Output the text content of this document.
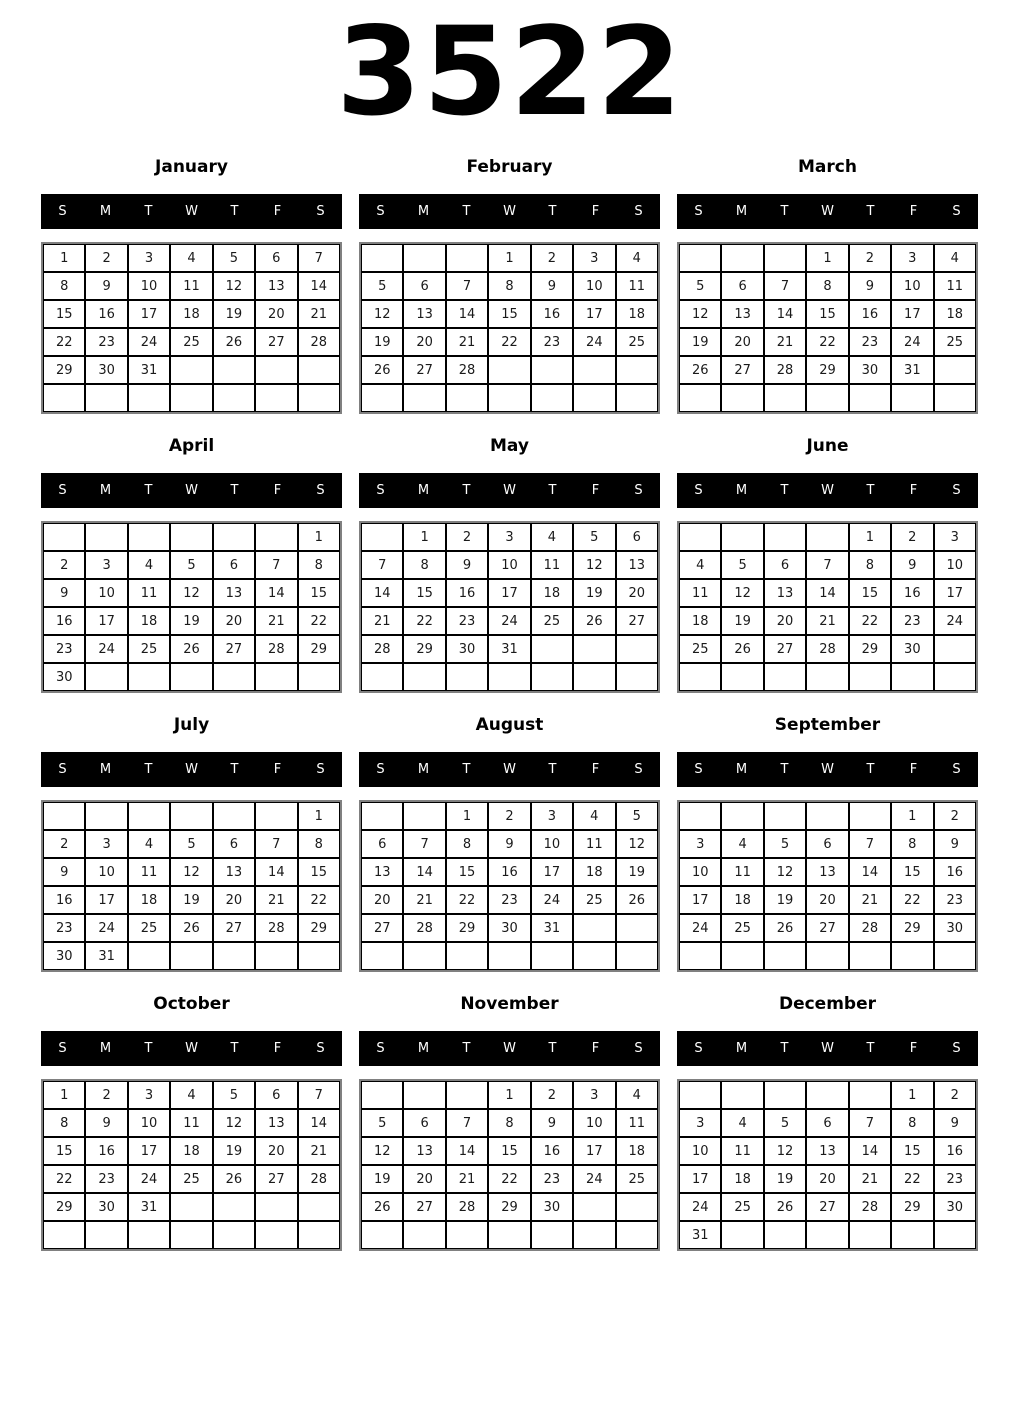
3522
January
S	M	T	W	T	F	S
1	2	3	4	5	6	7
8	9	10	11	12	13	14
15	16	17	18	19	20	21
22	23	24	25	26	27	28
29	30	31				

February
S	M	T	W	T	F	S
			1	2	3	4
5	6	7	8	9	10	11
12	13	14	15	16	17	18
19	20	21	22	23	24	25
26	27	28				

March
S	M	T	W	T	F	S
			1	2	3	4
5	6	7	8	9	10	11
12	13	14	15	16	17	18
19	20	21	22	23	24	25
26	27	28	29	30	31	

April
S	M	T	W	T	F	S
						1
2	3	4	5	6	7	8
9	10	11	12	13	14	15
16	17	18	19	20	21	22
23	24	25	26	27	28	29
30						
May
S	M	T	W	T	F	S
	1	2	3	4	5	6
7	8	9	10	11	12	13
14	15	16	17	18	19	20
21	22	23	24	25	26	27
28	29	30	31			

June
S	M	T	W	T	F	S
				1	2	3
4	5	6	7	8	9	10
11	12	13	14	15	16	17
18	19	20	21	22	23	24
25	26	27	28	29	30	

July
S	M	T	W	T	F	S
						1
2	3	4	5	6	7	8
9	10	11	12	13	14	15
16	17	18	19	20	21	22
23	24	25	26	27	28	29
30	31					
August
S	M	T	W	T	F	S
		1	2	3	4	5
6	7	8	9	10	11	12
13	14	15	16	17	18	19
20	21	22	23	24	25	26
27	28	29	30	31		

September
S	M	T	W	T	F	S
					1	2
3	4	5	6	7	8	9
10	11	12	13	14	15	16
17	18	19	20	21	22	23
24	25	26	27	28	29	30

October
S	M	T	W	T	F	S
1	2	3	4	5	6	7
8	9	10	11	12	13	14
15	16	17	18	19	20	21
22	23	24	25	26	27	28
29	30	31				

November
S	M	T	W	T	F	S
			1	2	3	4
5	6	7	8	9	10	11
12	13	14	15	16	17	18
19	20	21	22	23	24	25
26	27	28	29	30		

December
S	M	T	W	T	F	S
					1	2
3	4	5	6	7	8	9
10	11	12	13	14	15	16
17	18	19	20	21	22	23
24	25	26	27	28	29	30
31						
